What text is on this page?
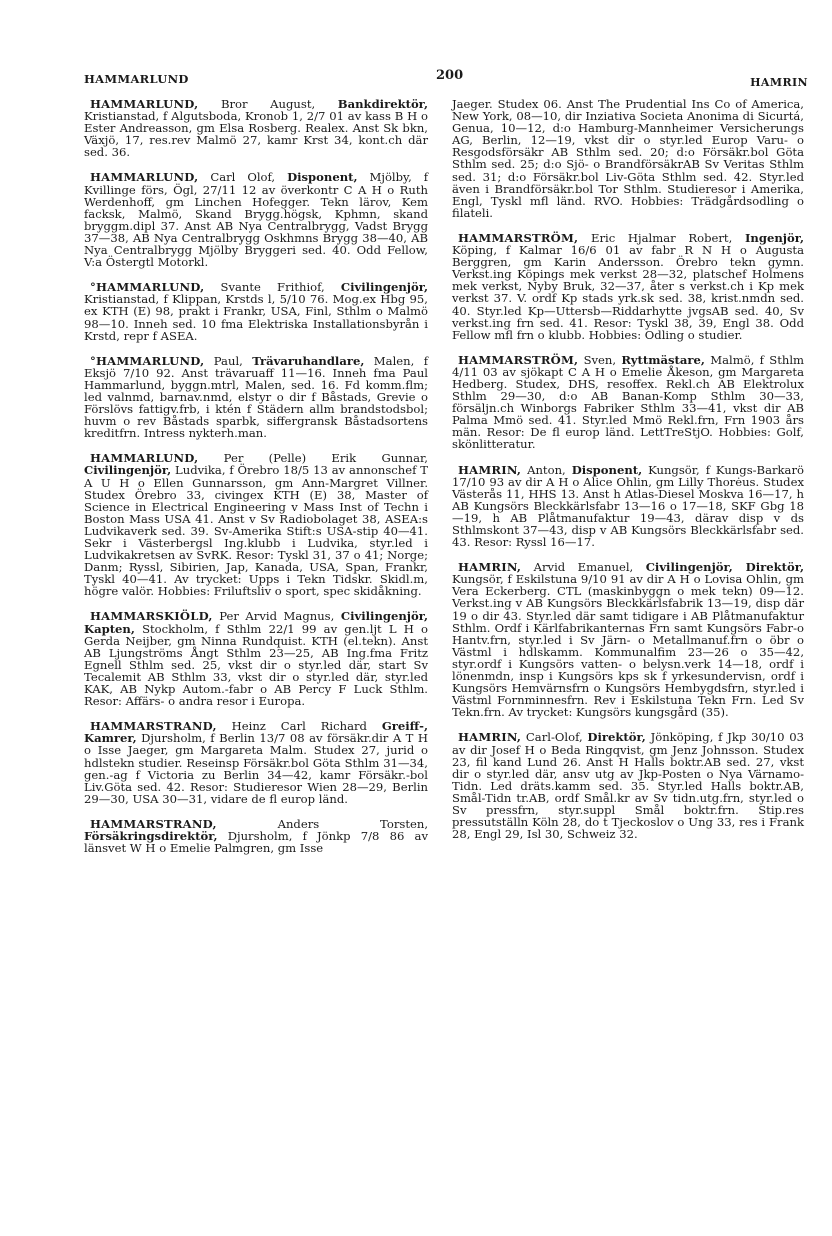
HAMMARLUND	200	HAMRIN

HAMMARLUND, Bror August, Bankdirektör, Kristianstad, f Algutsboda, Kronob 1, 2/7 01 av kass B H o Ester Andreasson, gm Elsa Rosberg. Realex. Anst Sk bkn, Växjö, 17, res.rev Malmö 27, kamr Krst 34, kont.ch där sed. 36.

HAMMARLUND, Carl Olof, Disponent, Mjölby, f Kvillinge förs, Ögl, 27/11 12 av överkontr C A H o Ruth Werdenhoff, gm Linchen Hofegger. Tekn lärov, Kem facksk, Malmö, Skand Brygg.högsk, Kphmn, skand bryggm.dipl 37. Anst AB Nya Centralbrygg, Vadst Brygg 37—38, AB Nya Centralbrygg Oskhmns Brygg 38—40, AB Nya Centralbrygg Mjölby Bryggeri sed. 40. Odd Fellow, V:a Östergtl Motorkl.

°HAMMARLUND, Svante Frithiof, Civilingenjör, Kristianstad, f Klippan, Krstds l, 5/10 76. Mog.ex Hbg 95, ex KTH (E) 98, prakt i Frankr, USA, Finl, Sthlm o Malmö 98—10. Inneh sed. 10 fma Elektriska Installationsbyrån i Krstd, repr f ASEA.

°HAMMARLUND, Paul, Trävaruhandlare, Malen, f Eksjö 7/10 92. Anst trävaruaff 11—16. Inneh fma Paul Hammarlund, byggn.mtrl, Malen, sed. 16. Fd komm.flm; led valnmd, barnav.nmd, elstyr o dir f Båstads, Grevie o Förslövs fattigv.frb, i ktén f Städern allm brandstodsbol; huvm o rev Båstads sparbk, siffergransk Båstadsortens kreditfrn. Intress nykterh.man.

HAMMARLUND, Per (Pelle) Erik Gunnar, Civilingenjör, Ludvika, f Örebro 18/5 13 av annonschef T A U H o Ellen Gunnarsson, gm Ann-Margret Villner. Studex Örebro 33, civingex KTH (E) 38, Master of Science in Electrical Engineering v Mass Inst of Techn i Boston Mass USA 41. Anst v Sv Radiobolaget 38, ASEA:s Ludvikaverk sed. 39. Sv-Amerika Stift:s USA-stip 40—41. Sekr i Västerbergsl Ing.klubb i Ludvika, styr.led i Ludvikakretsen av SvRK. Resor: Tyskl 31, 37 o 41; Norge; Danm; Ryssl, Sibirien, Jap, Kanada, USA, Span, Frankr, Tyskl 40—41. Av trycket: Upps i Tekn Tidskr. Skidl.m, högre valör. Hobbies: Friluftsliv o sport, spec skidåkning.

HAMMARSKIÖLD, Per Arvid Magnus, Civilingenjör, Kapten, Stockholm, f Sthlm 22/1 99 av gen.ljt L H o Gerda Neijber, gm Ninna Rundquist. KTH (el.tekn). Anst AB Ljungströms Ångt Sthlm 23—25, AB Ing.fma Fritz Egnell Sthlm sed. 25, vkst dir o styr.led där, start Sv Tecalemit AB Sthlm 33, vkst dir o styr.led där, styr.led KAK, AB Nykp Autom.-fabr o AB Percy F Luck Sthlm. Resor: Affärs- o andra resor i Europa.

HAMMARSTRAND, Heinz Carl Richard Greiff-, Kamrer, Djursholm, f Berlin 13/7 08 av försäkr.dir A T H o Isse Jaeger, gm Margareta Malm. Studex 27, jurid o hdlstekn studier. Reseinsp Försäkr.bol Göta Sthlm 31—34, gen.-ag f Victoria zu Berlin 34—42, kamr Försäkr.-bol Liv.Göta sed. 42. Resor: Studieresor Wien 28—29, Berlin 29—30, USA 30—31, vidare de fl europ länd.

HAMMARSTRAND,	Anders Torsten, Försäkringsdirektör, Djursholm, f Jönkp 7/8 86 av länsvet W H o Emelie Palmgren, gm Isse

Jaeger. Studex 06. Anst The Prudential Ins Co of America, New York, 08—10, dir Inziativa Societa Anonima di Sicurtá, Genua, 10—12, d:o Hamburg-Mannheimer Versicherungs AG, Berlin, 12—19, vkst dir o styr.led Europ Varu- o Resgodsförsäkr AB Sthlm sed. 20; d:o Försäkr.bol Göta Sthlm sed. 25; d:o Sjö- o BrandförsäkrAB Sv Veritas Sthlm sed. 31; d:o Försäkr.bol Liv-Göta Sthlm sed. 42. Styr.led även i Brandförsäkr.bol Tor Sthlm. Studieresor i Amerika, Engl, Tyskl mfl länd. RVO. Hobbies: Trädgårdsodling o filateli.

HAMMARSTRÖM, Eric Hjalmar Robert, Ingenjör, Köping, f Kalmar 16/6 01 av fabr R N H o Augusta Berggren, gm Karin Andersson. Örebro tekn gymn. Verkst.ing Köpings mek verkst 28—32, platschef Holmens mek verkst, Nyby Bruk, 32—37, åter s verkst.ch i Kp mek verkst 37. V. ordf Kp stads yrk.sk sed. 38, krist.nmdn sed. 40. Styr.led Kp—Uttersb—Riddarhytte jvgsAB sed. 40, Sv verkst.ing frn sed. 41. Resor: Tyskl 38, 39, Engl 38. Odd Fellow mfl frn o klubb. Hobbies: Odling o studier.

HAMMARSTRÖM, Sven, Ryttmästare, Malmö, f Sthlm 4/11 03 av sjökapt C A H o Emelie Åkeson, gm Margareta Hedberg. Studex, DHS, resoffex. Rekl.ch AB Elektrolux Sthlm 29—30, d:o AB Banan-Komp Sthlm 30—33, försäljn.ch Winborgs Fabriker Sthlm 33—41, vkst dir AB Palma Mmö sed. 41. Styr.led Mmö Rekl.frn, Frn 1903 års män. Resor: De fl europ länd. LettTreStjO. Hobbies: Golf, skönlitteratur.

HAMRIN, Anton, Disponent, Kungsör, f Kungs-Barkarö 17/10 93 av dir A H o Alice Ohlin, gm Lilly Thorėus. Studex Västerås 11, HHS 13. Anst h Atlas-Diesel Moskva 16—17, h AB Kungsörs Bleckkärlsfabr 13—16 o 17—18, SKF Gbg 18—19, h AB Plåtmanufaktur 19—43, därav disp v ds Sthlmskont 37—43, disp v AB Kungsörs Bleckkärlsfabr sed. 43. Resor: Ryssl 16—17.

HAMRIN, Arvid Emanuel, Civilingenjör, Direktör, Kungsör, f Eskilstuna 9/10 91 av dir A H o Lovisa Ohlin, gm Vera Eckerberg. CTL (maskinbyggn o mek tekn) 09—12. Verkst.ing v AB Kungsörs Bleckkärlsfabrik 13—19, disp där 19 o dir 43. Styr.led där samt tidigare i AB Plåtmanufaktur Sthlm. Ordf i Kärlfabrikanternas Frn samt Kungsörs Fabr-o Hantv.frn, styr.led i Sv Järn- o Metallmanuf.frn o öbr o Västml i hdlskamm. Kommunalfim 23—26 o 35—42, styr.ordf i Kungsörs vatten- o belysn.verk 14—18, ordf i lönenmdn, insp i Kungsörs kps sk f yrkesundervisn, ordf i Kungsörs Hemvärnsfrn o Kungsörs Hembygdsfrn, styr.led i Västml Fornminnesfrn. Rev i Eskilstuna Tekn Frn. Led Sv Tekn.frn. Av trycket: Kungsörs kungsgård (35).

HAMRIN, Carl-Olof, Direktör, Jönköping, f Jkp 30/10 03 av dir Josef H o Beda Ringqvist, gm Jenz Johnsson. Studex 23, fil kand Lund 26. Anst H Halls boktr.AB sed. 27, vkst dir o styr.led där, ansv utg av Jkp-Posten o Nya Värnamo-Tidn. Led dräts.kamm sed. 35. Styr.led Halls boktr.AB, Smål-Tidn tr.AB, ordf Smål.kr av Sv tidn.utg.frn, styr.led o Sv pressfrn, styr.suppl Smål boktr.frn. Stip.res pressutställn Köln 28, do t Tjeckoslov o Ung 33, res i Frank 28, Engl 29, Isl 30, Schweiz 32.
